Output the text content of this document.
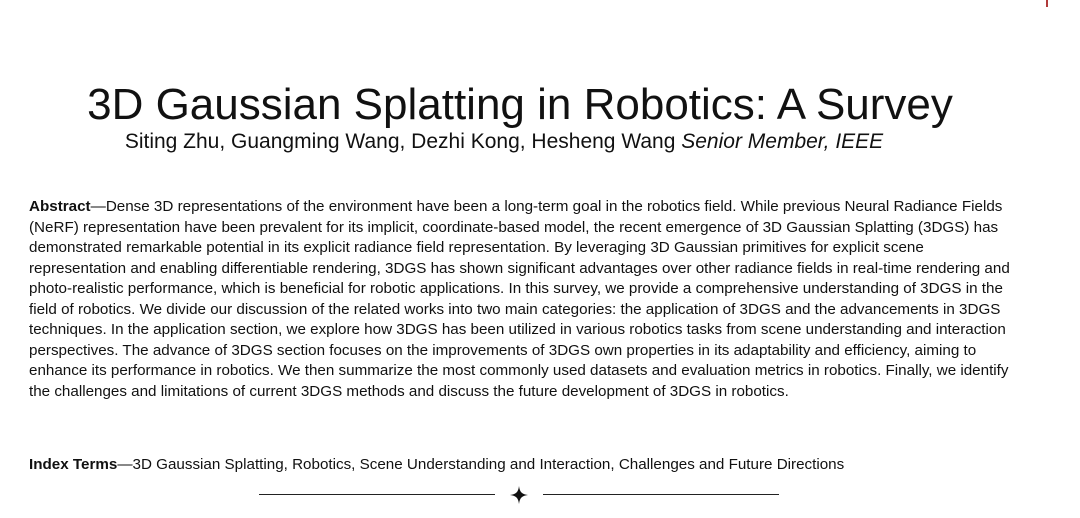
3D Gaussian Splatting in Robotics: A Survey
Siting Zhu, Guangming Wang, Dezhi Kong, Hesheng Wang Senior Member, IEEE

Abstract—Dense 3D representations of the environment have been a long-term goal in the robotics field. While previous Neural Radiance Fields (NeRF) representation have been prevalent for its implicit, coordinate-based model, the recent emergence of 3D Gaussian Splatting (3DGS) has demonstrated remarkable potential in its explicit radiance field representation. By leveraging 3D Gaussian primitives for explicit scene representation and enabling differentiable rendering, 3DGS has shown significant advantages over other radiance fields in real-time rendering and photo-realistic performance, which is beneficial for robotic applications. In this survey, we provide a comprehensive understanding of 3DGS in the field of robotics. We divide our discussion of the related works into two main categories: the application of 3DGS and the advancements in 3DGS techniques. In the application section, we explore how 3DGS has been utilized in various robotics tasks from scene understanding and interaction perspectives. The advance of 3DGS section focuses on the improvements of 3DGS own properties in its adaptability and efficiency, aiming to enhance its performance in robotics. We then summarize the most commonly used datasets and evaluation metrics in robotics. Finally, we identify the challenges and limitations of current 3DGS methods and discuss the future development of 3DGS in robotics.

Index Terms—3D Gaussian Splatting, Robotics, Scene Understanding and Interaction, Challenges and Future Directions
